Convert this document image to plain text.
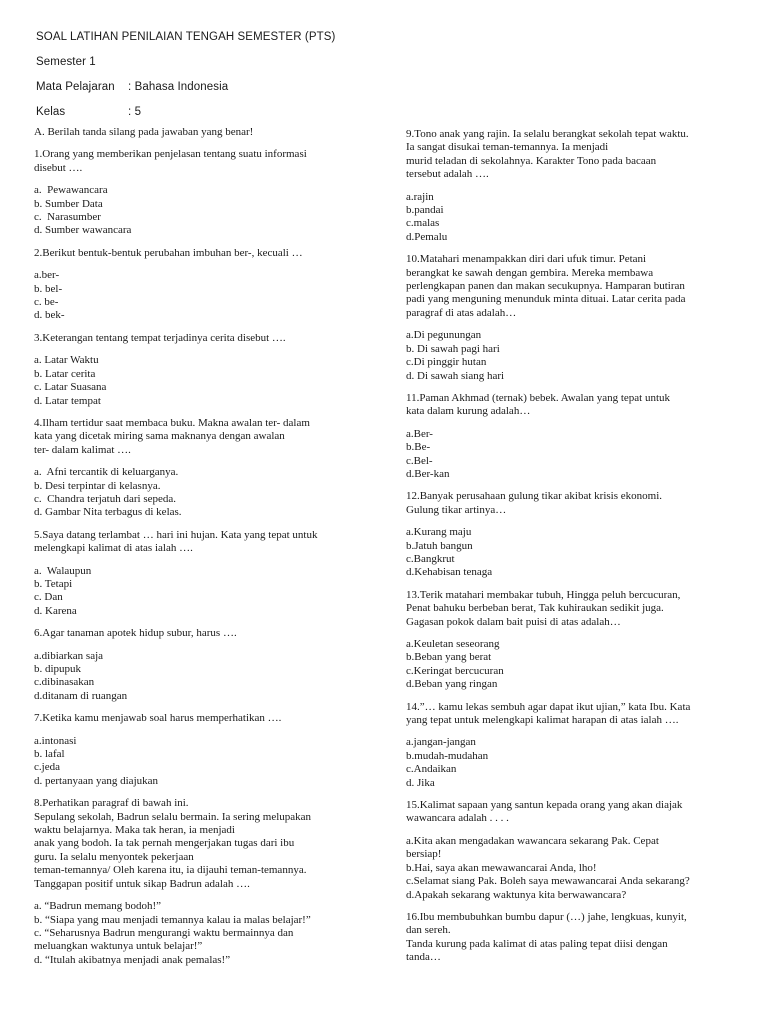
SOAL LATIHAN PENILAIAN TENGAH SEMESTER (PTS)
Semester 1
Mata Pelajaran : Bahasa Indonesia
Kelas	: 5
A. Berilah tanda silang pada jawaban yang benar!
1.Orang yang memberikan penjelasan tentang suatu informasi
disebut ….
a.  Pewawancara
b. Sumber Data
c.  Narasumber
d. Sumber wawancara
2.Berikut bentuk-bentuk perubahan imbuhan ber-, kecuali …
a.ber-
b. bel-
c. be-
d. bek-
3.Keterangan tentang tempat terjadinya cerita disebut ….
a. Latar Waktu
b. Latar cerita
c. Latar Suasana
d. Latar tempat
4.Ilham tertidur saat membaca buku. Makna awalan ter- dalam
kata yang dicetak miring sama maknanya dengan awalan
ter- dalam kalimat ….
a.  Afni tercantik di keluarganya.
b. Desi terpintar di kelasnya.
c.  Chandra terjatuh dari sepeda.
d. Gambar Nita terbagus di kelas.
5.Saya datang terlambat … hari ini hujan. Kata yang tepat untuk
melengkapi kalimat di atas ialah ….
a.  Walaupun
b. Tetapi
c. Dan
d. Karena
6.Agar tanaman apotek hidup subur, harus ….
a.dibiarkan saja
b. dipupuk
c.dibinasakan
d.ditanam di ruangan
7.Ketika kamu menjawab soal harus memperhatikan ….
a.intonasi
b. lafal
c.jeda
d. pertanyaan yang diajukan
8.Perhatikan paragraf di bawah ini.
Sepulang sekolah, Badrun selalu bermain. Ia sering melupakan
waktu belajarnya. Maka tak heran, ia menjadi
anak yang bodoh. Ia tak pernah mengerjakan tugas dari ibu
guru. Ia selalu menyontek pekerjaan
teman-temannya/ Oleh karena itu, ia dijauhi teman-temannya.
Tanggapan positif untuk sikap Badrun adalah ….
a. “Badrun memang bodoh!”
b. “Siapa yang mau menjadi temannya kalau ia malas belajar!”
c. “Seharusnya Badrun mengurangi waktu bermainnya dan
meluangkan waktunya untuk belajar!”
d. “Itulah akibatnya menjadi anak pemalas!”
9.Tono anak yang rajin. Ia selalu berangkat sekolah tepat waktu.
Ia sangat disukai teman-temannya. Ia menjadi
murid teladan di sekolahnya. Karakter Tono pada bacaan
tersebut adalah ….
a.rajin
b.pandai
c.malas
d.Pemalu
10.Matahari menampakkan diri dari ufuk timur. Petani
berangkat ke sawah dengan gembira. Mereka membawa
perlengkapan panen dan makan secukupnya. Hamparan butiran
padi yang menguning menunduk minta dituai. Latar cerita pada
paragraf di atas adalah…
a.Di pegunungan
b. Di sawah pagi hari
c.Di pinggir hutan
d. Di sawah siang hari
11.Paman Akhmad (ternak) bebek. Awalan yang tepat untuk
kata dalam kurung adalah…
a.Ber-
b.Be-
c.Bel-
d.Ber-kan
12.Banyak perusahaan gulung tikar akibat krisis ekonomi.
Gulung tikar artinya…
a.Kurang maju
b.Jatuh bangun
c.Bangkrut
d.Kehabisan tenaga
13.Terik matahari membakar tubuh, Hingga peluh bercucuran,
Penat bahuku berbeban berat, Tak kuhiraukan sedikit juga.
Gagasan pokok dalam bait puisi di atas adalah…
a.Keuletan seseorang
b.Beban yang berat
c.Keringat bercucuran
d.Beban yang ringan
14.”… kamu lekas sembuh agar dapat ikut ujian,” kata Ibu. Kata
yang tepat untuk melengkapi kalimat harapan di atas ialah ….
a.jangan-jangan
b.mudah-mudahan
c.Andaikan
d. Jika
15.Kalimat sapaan yang santun kepada orang yang akan diajak
wawancara adalah . . . .
a.Kita akan mengadakan wawancara sekarang Pak. Cepat
bersiap!
b.Hai, saya akan mewawancarai Anda, lho!
c.Selamat siang Pak. Boleh saya mewawancarai Anda sekarang?
d.Apakah sekarang waktunya kita berwawancara?
16.Ibu membubuhkan bumbu dapur (…) jahe, lengkuas, kunyit,
dan sereh.
Tanda kurung pada kalimat di atas paling tepat diisi dengan
tanda…
